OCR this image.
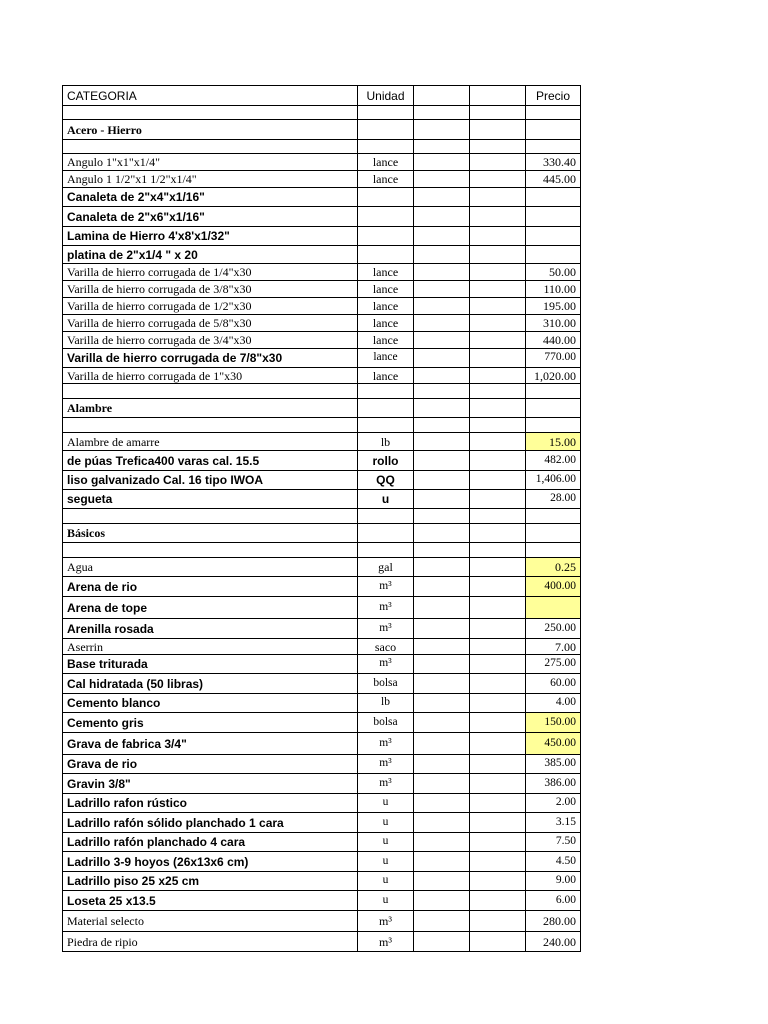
CATEGORIA	Unidad			Precio

Acero - Hierro				

Angulo 1"x1"x1/4"	lance			330.40
Angulo 1 1/2"x1 1/2"x1/4"	lance			445.00
Canaleta de 2"x4"x1/16"				
Canaleta de 2"x6"x1/16"				
Lamina de Hierro 4'x8'x1/32"				
platina de 2"x1/4 " x 20				
Varilla de hierro corrugada de 1/4"x30	lance			50.00
Varilla de hierro corrugada de 3/8"x30	lance			110.00
Varilla de hierro corrugada de 1/2"x30	lance			195.00
Varilla de hierro corrugada de 5/8"x30	lance			310.00
Varilla de hierro corrugada de 3/4"x30	lance			440.00
Varilla de hierro corrugada de 7/8"x30	lance			770.00
Varilla de hierro corrugada de 1"x30	lance			1,020.00

Alambre				

Alambre de amarre	lb			15.00
de púas Trefica400 varas cal. 15.5	rollo			482.00
liso galvanizado Cal. 16 tipo IWOA	QQ			1,406.00
segueta	u			28.00

Básicos				

Agua	gal			0.25
Arena de rio	m³			400.00
Arena de tope	m³			
Arenilla rosada	m³			250.00
Aserrin	saco			7.00
Base triturada	m³			275.00
Cal hidratada (50 libras)	bolsa			60.00
Cemento blanco	lb			4.00
Cemento gris	bolsa			150.00
Grava de fabrica 3/4"	m³			450.00
Grava de rio	m³			385.00
Gravin 3/8"	m³			386.00
Ladrillo rafon rústico	u			2.00
Ladrillo rafón sólido planchado 1 cara	u			3.15
Ladrillo rafón planchado 4 cara	u			7.50
Ladrillo 3-9 hoyos (26x13x6 cm)	u			4.50
Ladrillo piso 25 x25 cm	u			9.00
Loseta 25 x13.5	u			6.00
Material selecto	m³			280.00
Piedra de ripio	m³			240.00
